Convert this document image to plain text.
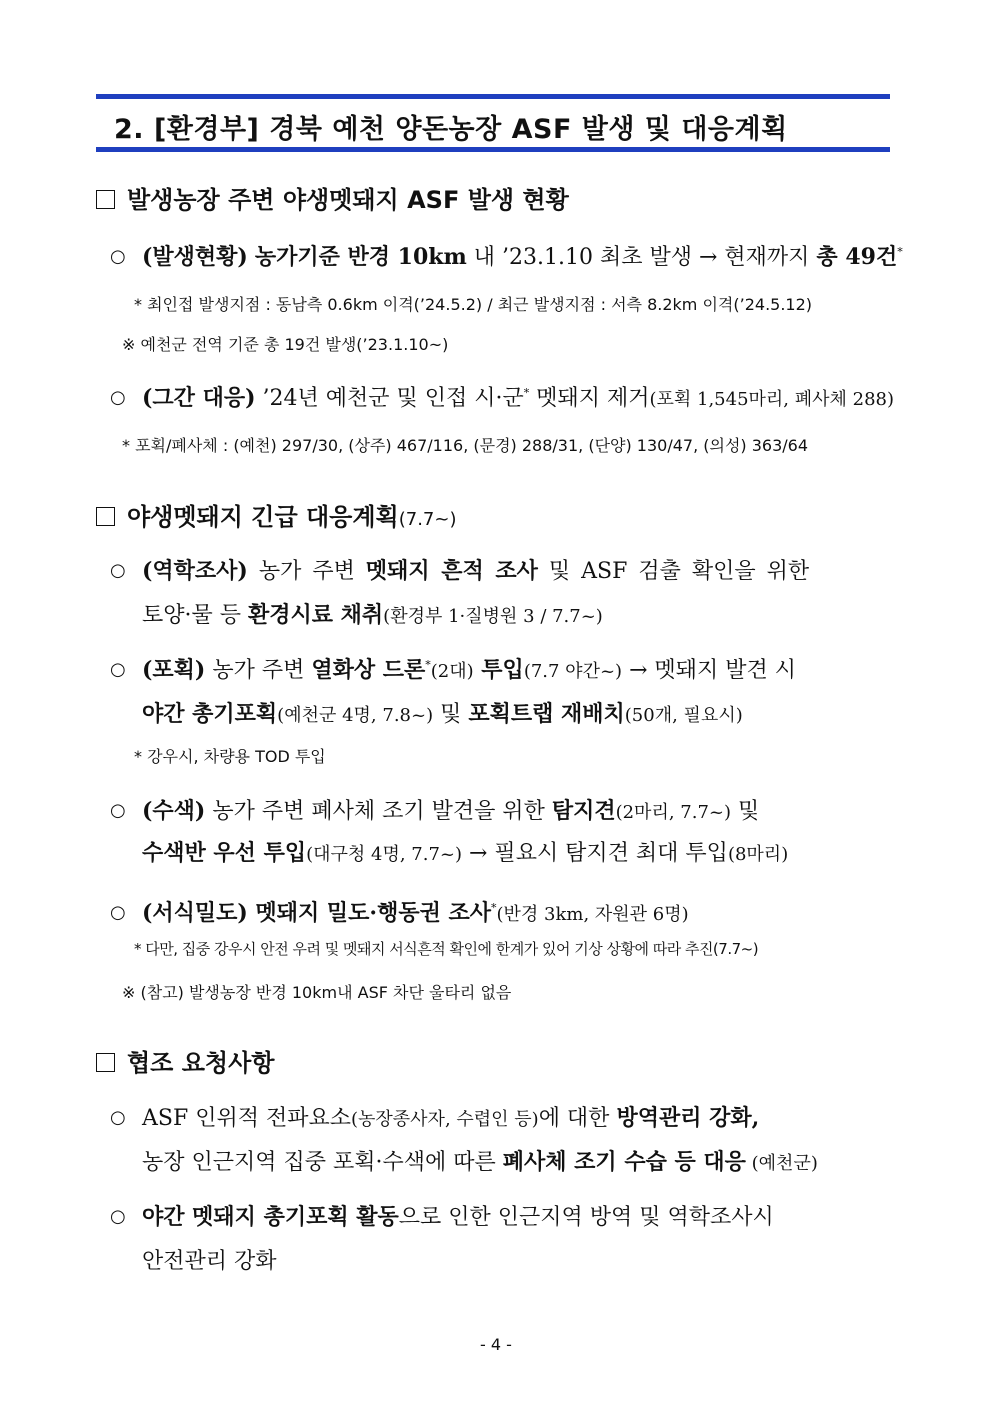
2. [환경부] 경북 예천 양돈농장 ASF 발생 및 대응계획
발생농장 주변 야생멧돼지 ASF 발생 현황
○ (발생현황) 농가기준 반경 10km 내 ’23.1.10 최초 발생 → 현재까지 총 49건*
* 최인접 발생지점 : 동남측 0.6km 이격(’24.5.2) / 최근 발생지점 : 서측 8.2km 이격(’24.5.12)
※ 예천군 전역 기준 총 19건 발생(’23.1.10~)
○ (그간 대응) ’24년 예천군 및 인접 시·군* 멧돼지 제거(포획 1,545마리, 폐사체 288)
* 포획/폐사체 : (예천) 297/30, (상주) 467/116, (문경) 288/31, (단양) 130/47, (의성) 363/64
야생멧돼지 긴급 대응계획(7.7~)
○ (역학조사) 농가 주변 멧돼지 흔적 조사 및 ASF 검출 확인을 위한
토양·물 등 환경시료 채취(환경부 1·질병원 3 / 7.7~)
○ (포획) 농가 주변 열화상 드론*(2대) 투입(7.7 야간~) → 멧돼지 발견 시
야간 총기포획(예천군 4명, 7.8~) 및 포획트랩 재배치(50개, 필요시)
* 강우시, 차량용 TOD 투입
○ (수색) 농가 주변 폐사체 조기 발견을 위한 탐지견(2마리, 7.7~) 및
수색반 우선 투입(대구청 4명, 7.7~) → 필요시 탐지견 최대 투입(8마리)
○ (서식밀도) 멧돼지 밀도·행동권 조사*(반경 3km, 자원관 6명)
* 다만, 집중 강우시 안전 우려 및 멧돼지 서식흔적 확인에 한계가 있어 기상 상황에 따라 추진(7.7~)
※ (참고) 발생농장 반경 10km내 ASF 차단 울타리 없음
협조 요청사항
○ ASF 인위적 전파요소(농장종사자, 수렵인 등)에 대한 방역관리 강화,
농장 인근지역 집중 포획·수색에 따른 폐사체 조기 수습 등 대응 (예천군)
○ 야간 멧돼지 총기포획 활동으로 인한 인근지역 방역 및 역학조사시
안전관리 강화
- 4 -
